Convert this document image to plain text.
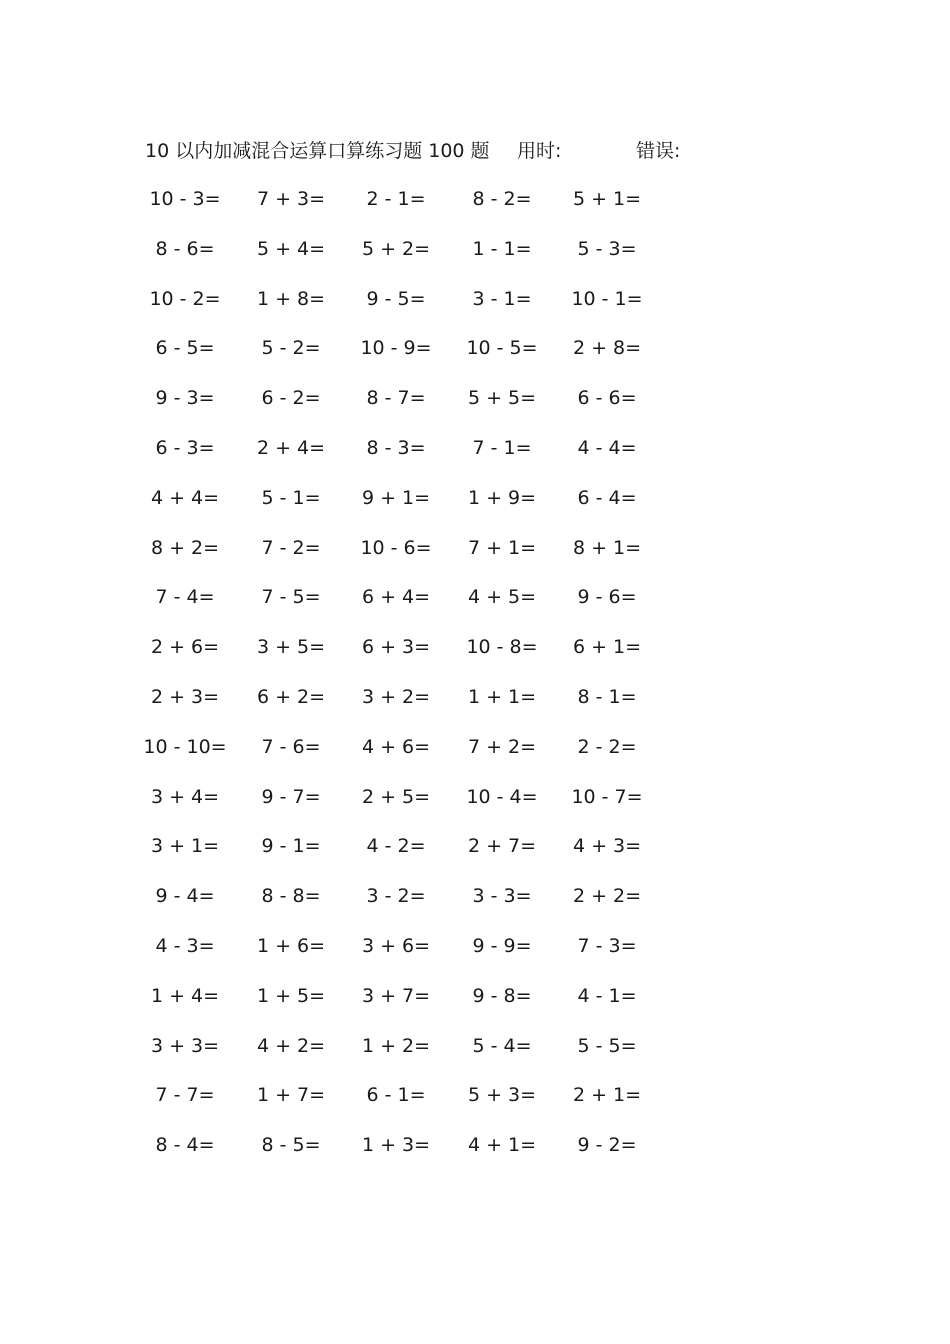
10 以内加减混合运算口算练习题 100 题 用时:	错误:
10 - 3=	7 + 3=	2 - 1=	8 - 2=	5 + 1=
8 - 6=	5 + 4=	5 + 2=	1 - 1=	5 - 3=
10 - 2=	1 + 8=	9 - 5=	3 - 1=	10 - 1=
6 - 5=	5 - 2=	10 - 9=	10 - 5=	2 + 8=
9 - 3=	6 - 2=	8 - 7=	5 + 5=	6 - 6=
6 - 3=	2 + 4=	8 - 3=	7 - 1=	4 - 4=
4 + 4=	5 - 1=	9 + 1=	1 + 9=	6 - 4=
8 + 2=	7 - 2=	10 - 6=	7 + 1=	8 + 1=
7 - 4=	7 - 5=	6 + 4=	4 + 5=	9 - 6=
2 + 6=	3 + 5=	6 + 3=	10 - 8=	6 + 1=
2 + 3=	6 + 2=	3 + 2=	1 + 1=	8 - 1=
10 - 10=	7 - 6=	4 + 6=	7 + 2=	2 - 2=
3 + 4=	9 - 7=	2 + 5=	10 - 4=	10 - 7=
3 + 1=	9 - 1=	4 - 2=	2 + 7=	4 + 3=
9 - 4=	8 - 8=	3 - 2=	3 - 3=	2 + 2=
4 - 3=	1 + 6=	3 + 6=	9 - 9=	7 - 3=
1 + 4=	1 + 5=	3 + 7=	9 - 8=	4 - 1=
3 + 3=	4 + 2=	1 + 2=	5 - 4=	5 - 5=
7 - 7=	1 + 7=	6 - 1=	5 + 3=	2 + 1=
8 - 4=	8 - 5=	1 + 3=	4 + 1=	9 - 2=
